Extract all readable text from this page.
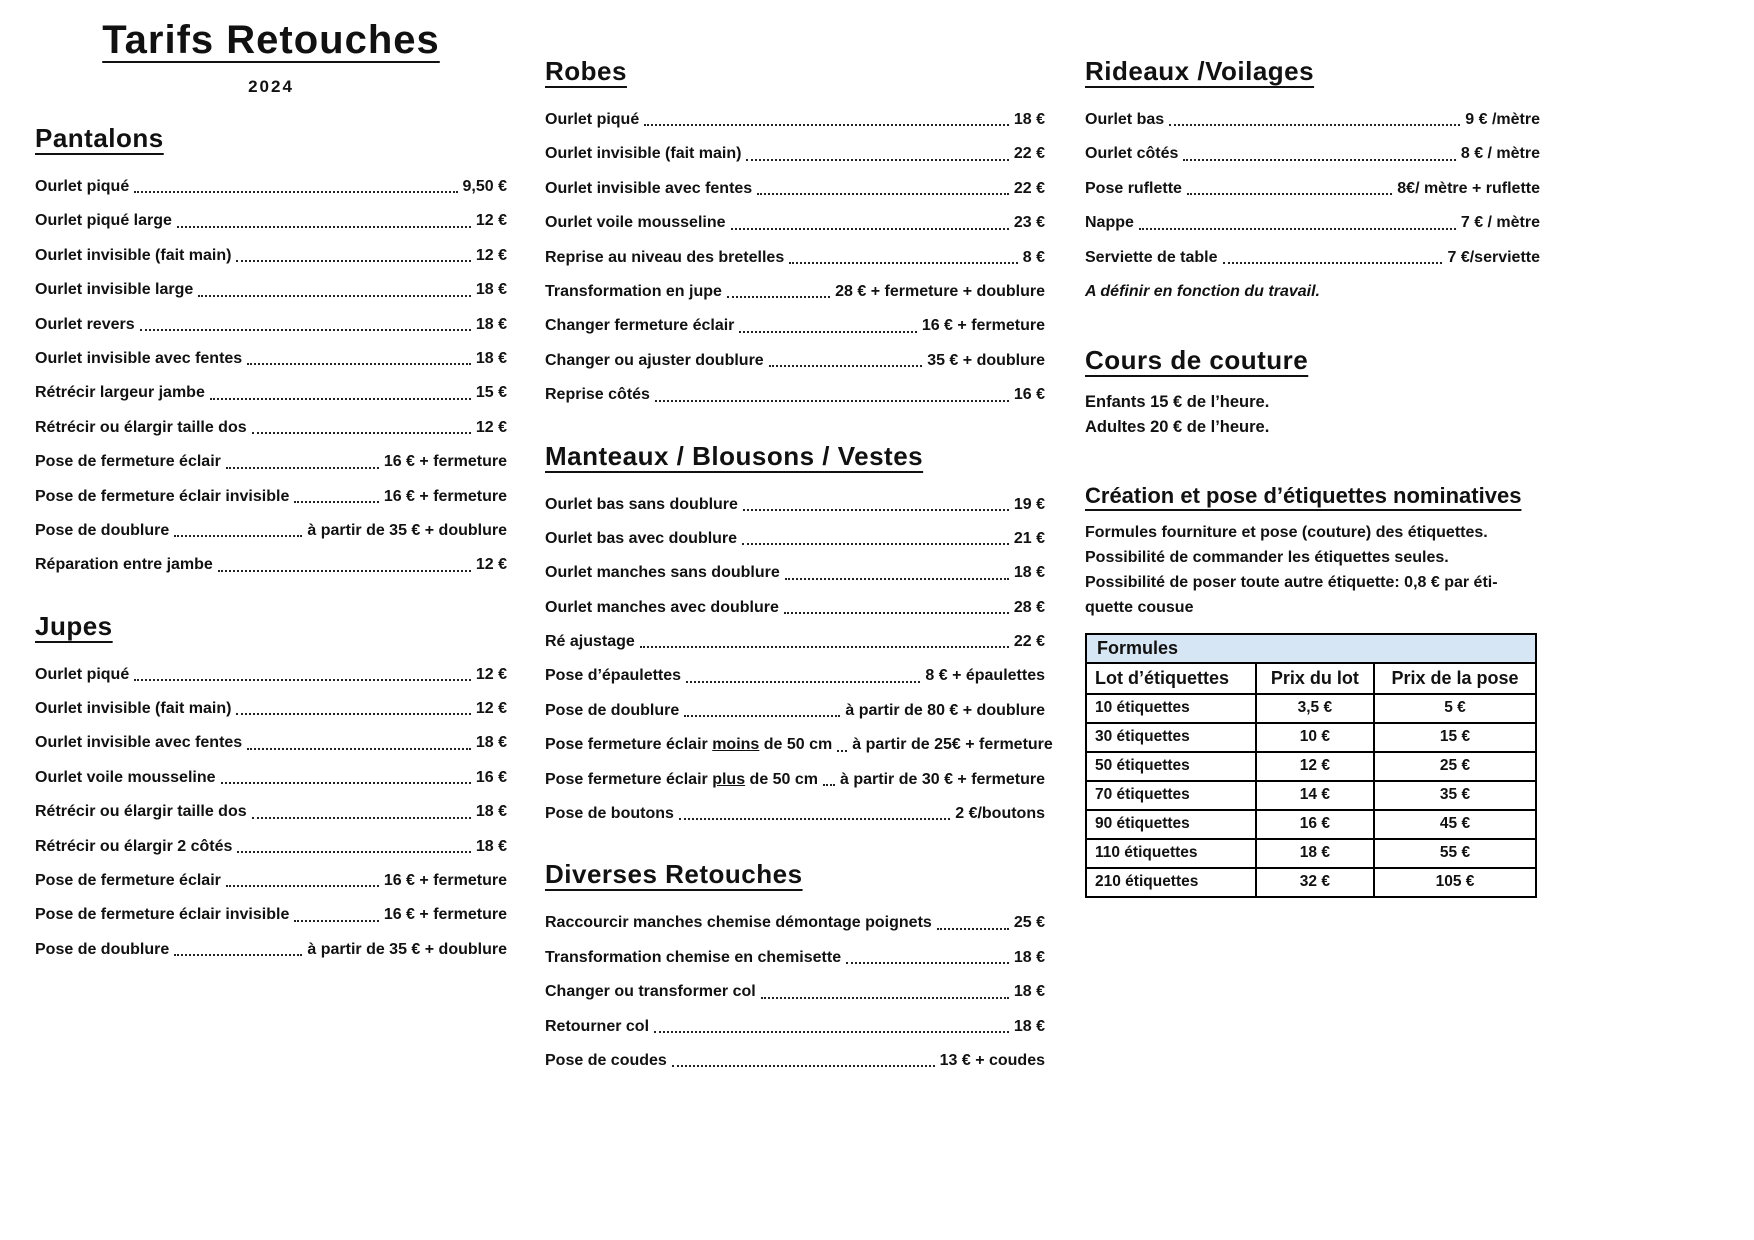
Tarifs Retouches
2024
Pantalons
Ourlet piqué	9,50 €
Ourlet piqué large	12 €
Ourlet invisible (fait main)	12 €
Ourlet invisible large	18 €
Ourlet revers	18 €
Ourlet invisible avec fentes	18 €
Rétrécir largeur jambe	15 €
Rétrécir ou élargir taille dos	12 €
Pose de fermeture éclair	16 € + fermeture
Pose de fermeture éclair invisible	16 € + fermeture
Pose de doublure	à partir de 35 € + doublure
Réparation entre jambe	12 €
Jupes
Ourlet piqué	12 €
Ourlet invisible (fait main)	12 €
Ourlet invisible avec fentes	18 €
Ourlet voile mousseline	16 €
Rétrécir ou élargir taille dos	18 €
Rétrécir ou élargir 2 côtés	18 €
Pose de fermeture éclair	16 € + fermeture
Pose de fermeture éclair invisible	16 € + fermeture
Pose de doublure	à partir de 35 € + doublure
Robes
Ourlet piqué	18 €
Ourlet invisible (fait main)	22 €
Ourlet invisible avec fentes	22 €
Ourlet voile mousseline	23 €
Reprise au niveau des bretelles	8 €
Transformation en jupe	28 € + fermeture + doublure
Changer fermeture éclair	16 € + fermeture
Changer ou ajuster doublure	35 € + doublure
Reprise côtés	16 €
Manteaux / Blousons / Vestes
Ourlet bas sans doublure	19 €
Ourlet bas avec doublure	21 €
Ourlet manches sans doublure	18 €
Ourlet manches avec doublure	28 €
Ré ajustage	22 €
Pose d’épaulettes	8 € + épaulettes
Pose de doublure	à partir de 80 € + doublure
Pose fermeture éclair moins de 50 cm à partir de 25€ + fermeture
Pose fermeture éclair plus de 50 cm à partir de 30 € + fermeture
Pose de boutons	2 €/boutons
Diverses Retouches
Raccourcir manches chemise démontage poignets	25 €
Transformation chemise en chemisette	18 €
Changer ou transformer col	18 €
Retourner col	18 €
Pose de coudes	13 € + coudes
Rideaux /Voilages
Ourlet bas	9 € /mètre
Ourlet côtés	8 € / mètre
Pose ruflette	8€/ mètre + ruflette
Nappe	7 € / mètre
Serviette de table	7 €/serviette
A définir en fonction du travail.
Cours de couture
Enfants 15 € de l’heure.
Adultes 20 € de l’heure.
Création et pose d’étiquettes nominatives
Formules fourniture et pose (couture) des étiquettes.
Possibilité de commander les étiquettes seules.
Possibilité de poser toute autre étiquette: 0,8 € par éti-
quette cousue
Formules		
Lot d’étiquettes	Prix du lot	Prix de la pose
10 étiquettes	3,5 €	5 €
30 étiquettes	10 €	15 €
50 étiquettes	12 €	25 €
70 étiquettes	14 €	35 €
90 étiquettes	16 €	45 €
110 étiquettes	18 €	55 €
210 étiquettes	32 €	105 €
